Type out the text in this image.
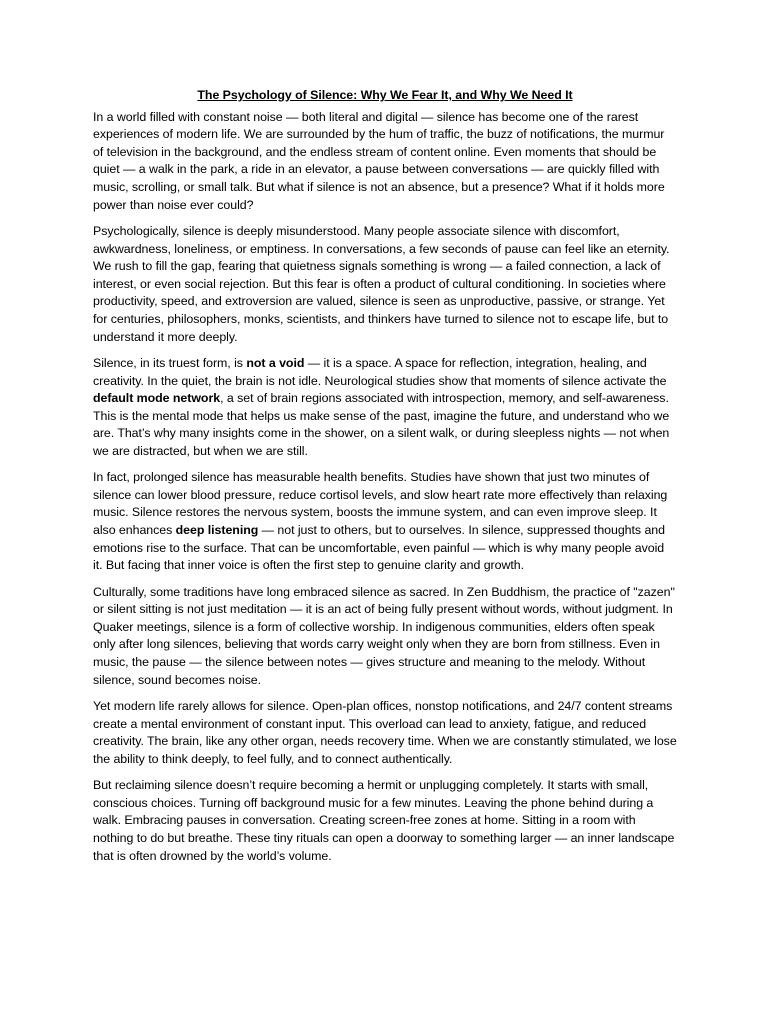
The Psychology of Silence: Why We Fear It, and Why We Need It

In a world filled with constant noise — both literal and digital — silence has become one of the rarest experiences of modern life. We are surrounded by the hum of traffic, the buzz of notifications, the murmur of television in the background, and the endless stream of content online. Even moments that should be quiet — a walk in the park, a ride in an elevator, a pause between conversations — are quickly filled with music, scrolling, or small talk. But what if silence is not an absence, but a presence? What if it holds more power than noise ever could?

Psychologically, silence is deeply misunderstood. Many people associate silence with discomfort, awkwardness, loneliness, or emptiness. In conversations, a few seconds of pause can feel like an eternity. We rush to fill the gap, fearing that quietness signals something is wrong — a failed connection, a lack of interest, or even social rejection. But this fear is often a product of cultural conditioning. In societies where productivity, speed, and extroversion are valued, silence is seen as unproductive, passive, or strange. Yet for centuries, philosophers, monks, scientists, and thinkers have turned to silence not to escape life, but to understand it more deeply.

Silence, in its truest form, is not a void — it is a space. A space for reflection, integration, healing, and creativity. In the quiet, the brain is not idle. Neurological studies show that moments of silence activate the default mode network, a set of brain regions associated with introspection, memory, and self-awareness. This is the mental mode that helps us make sense of the past, imagine the future, and understand who we are. That’s why many insights come in the shower, on a silent walk, or during sleepless nights — not when we are distracted, but when we are still.

In fact, prolonged silence has measurable health benefits. Studies have shown that just two minutes of silence can lower blood pressure, reduce cortisol levels, and slow heart rate more effectively than relaxing music. Silence restores the nervous system, boosts the immune system, and can even improve sleep. It also enhances deep listening — not just to others, but to ourselves. In silence, suppressed thoughts and emotions rise to the surface. That can be uncomfortable, even painful — which is why many people avoid it. But facing that inner voice is often the first step to genuine clarity and growth.

Culturally, some traditions have long embraced silence as sacred. In Zen Buddhism, the practice of "zazen" or silent sitting is not just meditation — it is an act of being fully present without words, without judgment. In Quaker meetings, silence is a form of collective worship. In indigenous communities, elders often speak only after long silences, believing that words carry weight only when they are born from stillness. Even in music, the pause — the silence between notes — gives structure and meaning to the melody. Without silence, sound becomes noise.

Yet modern life rarely allows for silence. Open-plan offices, nonstop notifications, and 24/7 content streams create a mental environment of constant input. This overload can lead to anxiety, fatigue, and reduced creativity. The brain, like any other organ, needs recovery time. When we are constantly stimulated, we lose the ability to think deeply, to feel fully, and to connect authentically.

But reclaiming silence doesn’t require becoming a hermit or unplugging completely. It starts with small, conscious choices. Turning off background music for a few minutes. Leaving the phone behind during a walk. Embracing pauses in conversation. Creating screen-free zones at home. Sitting in a room with nothing to do but breathe. These tiny rituals can open a doorway to something larger — an inner landscape that is often drowned by the world’s volume.
